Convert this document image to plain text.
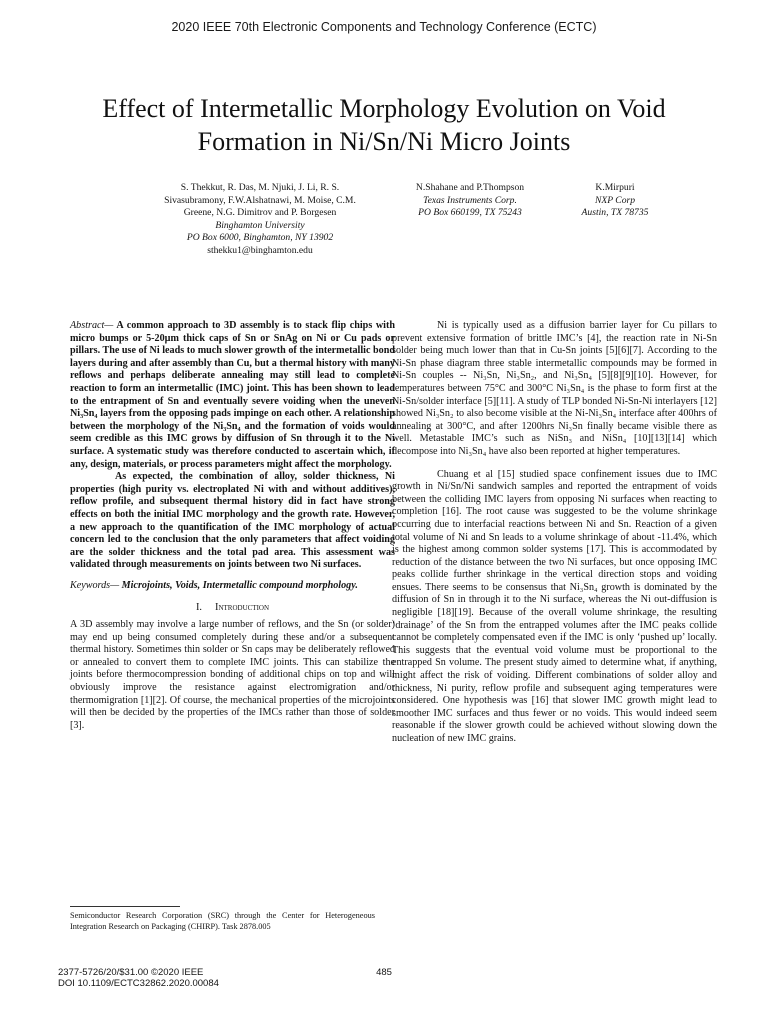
2020 IEEE 70th Electronic Components and Technology Conference (ECTC)
Effect of Intermetallic Morphology Evolution on Void
Formation in Ni/Sn/Ni Micro Joints
S. Thekkut, R. Das, M. Njuki, J. Li, R. S.
Sivasubramony, F.W.Alshatnawi, M. Moise, C.M.
Greene, N.G. Dimitrov and P. Borgesen
Binghamton University
PO Box 6000, Binghamton, NY 13902
sthekku1@binghamton.edu
N.Shahane and P.Thompson
Texas Instruments Corp.
PO Box 660199, TX 75243
K.Mirpuri
NXP Corp
Austin, TX 78735

Abstract— A common approach to 3D assembly is to stack flip chips with micro bumps or 5-20µm thick caps of Sn or SnAg on Ni or Cu pads or pillars. The use of Ni leads to much slower growth of the intermetallic bond layers during and after assembly than Cu, but a thermal history with many reflows and perhaps deliberate annealing may still lead to complete reaction to form an intermetallic (IMC) joint. This has been shown to lead to the entrapment of Sn and eventually severe voiding when the uneven Ni₃Sn₄ layers from the opposing pads impinge on each other. A relationship between the morphology of the Ni₃Sn₄ and the formation of voids would seem credible as this IMC grows by diffusion of Sn through it to the Ni surface. A systematic study was therefore conducted to ascertain which, if any, design, materials, or process parameters might affect the morphology.

As expected, the combination of alloy, solder thickness, Ni properties (high purity vs. electroplated Ni with and without additives), reflow profile, and subsequent thermal history did in fact have strong effects on both the initial IMC morphology and the growth rate. However, a new approach to the quantification of the IMC morphology of actual concern led to the conclusion that the only parameters that affect voiding are the solder thickness and the total pad area. This assessment was validated through measurements on joints between two Ni surfaces.

Keywords— Microjoints, Voids, Intermetallic compound morphology.

I. Introduction

A 3D assembly may involve a large number of reflows, and the Sn (or solder) may end up being consumed completely during these and/or a subsequent thermal history. Sometimes thin solder or Sn caps may be deliberately reflowed or annealed to convert them to complete IMC joints. This can stabilize the joints before thermocompression bonding of additional chips on top and will obviously improve the resistance against electromigration and/or thermomigration [1][2]. Of course, the mechanical properties of the microjoints will then be decided by the properties of the IMCs rather than those of solder [3].

Ni is typically used as a diffusion barrier layer for Cu pillars to prevent extensive formation of brittle IMC’s [4], the reaction rate in Ni-Sn solder being much lower than that in Cu-Sn joints [5][6][7]. According to the Ni-Sn phase diagram three stable intermetallic compounds may be formed in Ni-Sn couples -- Ni₃Sn, Ni₃Sn₂, and Ni₃Sn₄ [5][8][9][10]. However, for temperatures between 75°C and 300°C Ni₃Sn₄ is the phase to form first at the Ni-Sn/solder interface [5][11]. A study of TLP bonded Ni-Sn-Ni interlayers [12] showed Ni₃Sn₂ to also become visible at the Ni-Ni₃Sn₄ interface after 400hrs of annealing at 300°C, and after 1200hrs Ni₃Sn finally became visible there as well. Metastable IMC’s such as NiSn₃ and NiSn₄ [10][13][14] which decompose into Ni₃Sn₄ have also been reported at higher temperatures.

Chuang et al [15] studied space confinement issues due to IMC growth in Ni/Sn/Ni sandwich samples and reported the entrapment of voids between the colliding IMC layers from opposing Ni surfaces when reacting to completion [16]. The root cause was suggested to be the volume shrinkage occurring due to interfacial reactions between Ni and Sn. Reaction of a given total volume of Ni and Sn leads to a volume shrinkage of about -11.4%, which is the highest among common solder systems [17]. This is accommodated by reduction of the distance between the two Ni surfaces, but once opposing IMC peaks collide further shrinkage in the vertical direction stops and voiding ensues. There seems to be consensus that Ni₃Sn₄ growth is dominated by the diffusion of Sn in through it to the Ni surface, whereas the Ni out-diffusion is negligible [18][19]. Because of the overall volume shrinkage, the resulting ‘drainage’ of the Sn from the entrapped volumes after the IMC peaks collide cannot be completely compensated even if the IMC is only ‘pushed up’ locally. This suggests that the eventual void volume must be proportional to the entrapped Sn volume. The present study aimed to determine what, if anything, might affect the risk of voiding. Different combinations of solder alloy and thickness, Ni purity, reflow profile and subsequent aging temperatures were considered. One hypothesis was [16] that slower IMC growth might lead to smoother IMC surfaces and thus fewer or no voids. This would indeed seem reasonable if the slower growth could be achieved without slowing down the nucleation of new IMC grains.

Semiconductor Research Corporation (SRC) through the Center for Heterogeneous Integration Research on Packaging (CHIRP). Task 2878.005
2377-5726/20/$31.00 ©2020 IEEE
DOI 10.1109/ECTC32862.2020.00084
485
